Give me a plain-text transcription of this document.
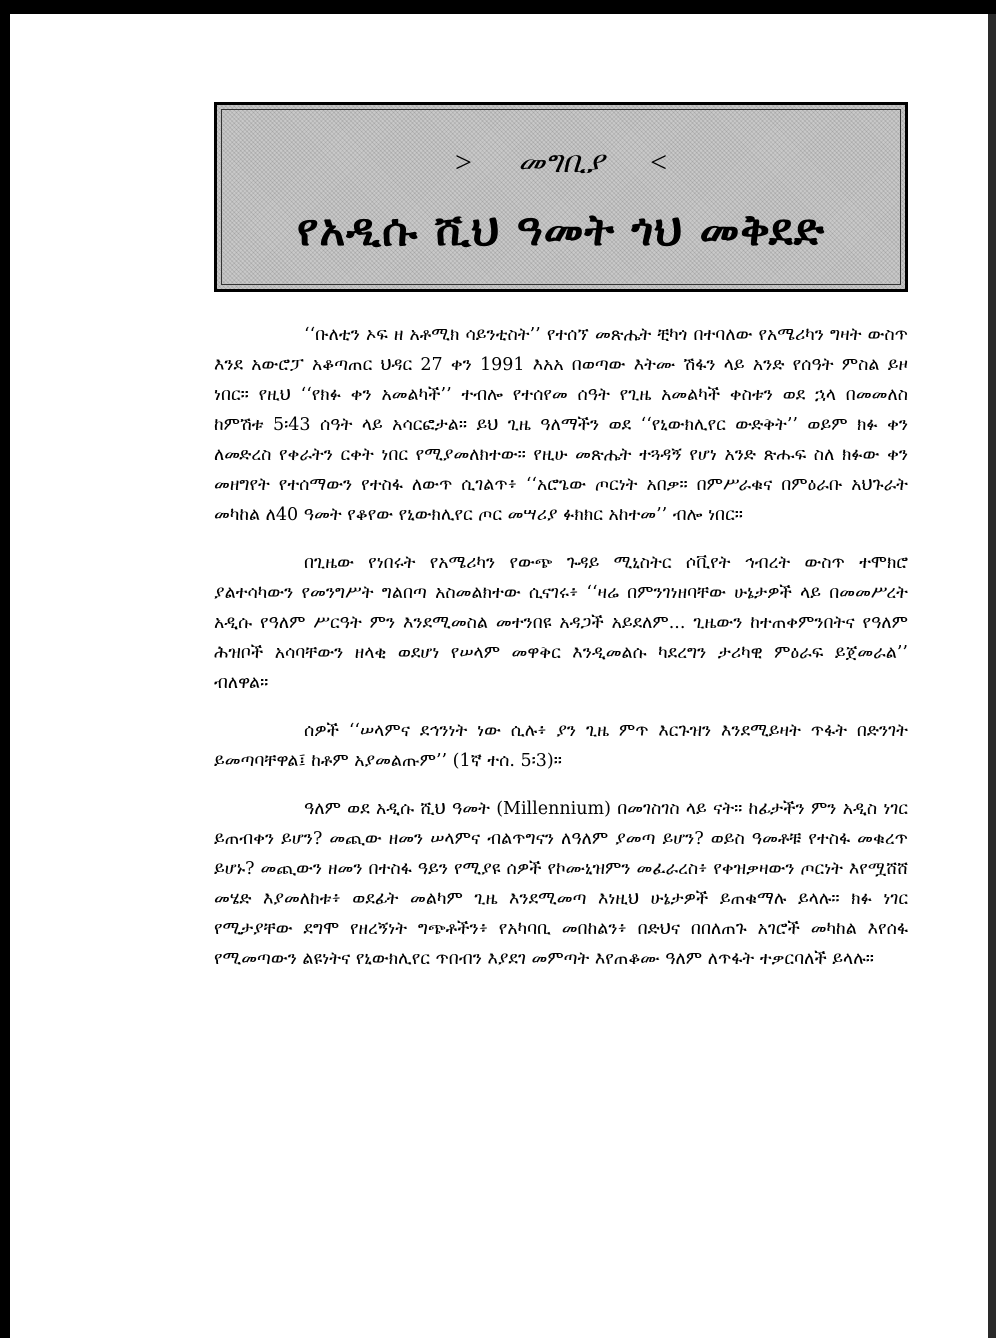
> መግቢያ <
የአዲሱ ሺህ ዓመት ጎህ መቅደድ

‘‘ቡለቲን ኦፍ ዘ አቶሚክ ሳይንቲስት’’ የተሰኘ መጽሔት ቺካጎ በተባለው የአሜሪካን ግዛት ውስጥ እንደ አውሮፓ አቆጣጠር ህዳር 27 ቀን 1991 እአአ በወጣው እትሙ ሽፋን ላይ አንድ የሰዓት ምስል ይዞ ነበር። የዚህ ‘‘የክፉ ቀን አመልካች’’ ተብሎ የተሰየመ ሰዓት የጊዜ አመልካች ቀስቱን ወደ ኋላ በመመለስ ከምሽቱ 5፡43 ሰዓት ላይ አሳርፎታል። ይህ ጊዜ ዓለማችን ወደ ‘‘የኒውክሊየር ውድቅት’’ ወይም ክፉ ቀን ለመድረስ የቀራትን ርቀት ነበር የሚያመለክተው። የዚሁ መጽሔት ተጓዳኝ የሆነ አንድ ጽሑፍ ስለ ክፉው ቀን መዘግየት የተሰማውን የተስፋ ለውጥ ሲገልጥ፥ ‘‘አሮጌው ጦርነት አበቃ። በምሥራቁና በምዕራቡ አህጉራት መካከል ለ40 ዓመት የቆየው የኒውክሊየር ጦር መሣሪያ ፉክክር አከተመ’’ ብሎ ነበር።

በጊዜው የነበሩት የአሜሪካን የውጭ ጉዳይ ሚኒስትር ሶቪየት ኅብረት ውስጥ ተሞክሮ ያልተሳካውን የመንግሥት ግልበጣ አስመልክተው ሲናገሩ፥ ‘‘ዛሬ በምንገነዘባቸው ሁኔታዎች ላይ በመመሥረት አዲሱ የዓለም ሥርዓት ምን እንደሚመስል መተንበዩ አዳጋች አይደለም... ጊዜውን ከተጠቀምንበትና የዓለም ሕዝቦች አሳባቸውን ዘላቂ ወደሆነ የሠላም መዋቅር እንዲመልሱ ካደረግን ታሪካዊ ምዕራፍ ይጀመራል’’ ብለዋል።

ሰዎች ‘‘ሠላምና ደኅንነት ነው ሲሉ፥ ያን ጊዜ ምጥ እርጉዝን እንደሚይዛት ጥፋት በድንገት ይመጣባቸዋል፤ ከቶም አያመልጡም’’ (1ኛ ተሰ. 5፡3)።

ዓለም ወደ አዲሱ ሺህ ዓመት (Millennium) በመገስገስ ላይ ናት። ከፊታችን ምን አዲስ ነገር ይጠብቀን ይሆን? መጪው ዘመን ሠላምና ብልጥግናን ለዓለም ያመጣ ይሆን? ወይስ ዓመቶቹ የተስፋ መቁረጥ ይሆኑ? መጪውን ዘመን በተስፋ ዓይን የሚያዩ ሰዎች የኮሙኒዝምን መፈራረስ፥ የቀዝቃዛውን ጦርነት እየሟሸሸ መሄድ እያመለከቱ፥ ወደፊት መልካም ጊዜ እንደሚመጣ እነዚህ ሁኔታዎች ይጠቁማሉ ይላሉ። ክፉ ነገር የሚታያቸው ደግሞ የዘረኝነት ግጭቶችን፥ የአካባቢ መበከልን፥ በድህና በበለጠጉ አገሮች መካከል እየሰፋ የሚመጣውን ልዩነትና የኒውክሊየር ጥበብን እያደገ መምጣት እየጠቆሙ ዓለም ለጥፋት ተቃርባለች ይላሉ።
